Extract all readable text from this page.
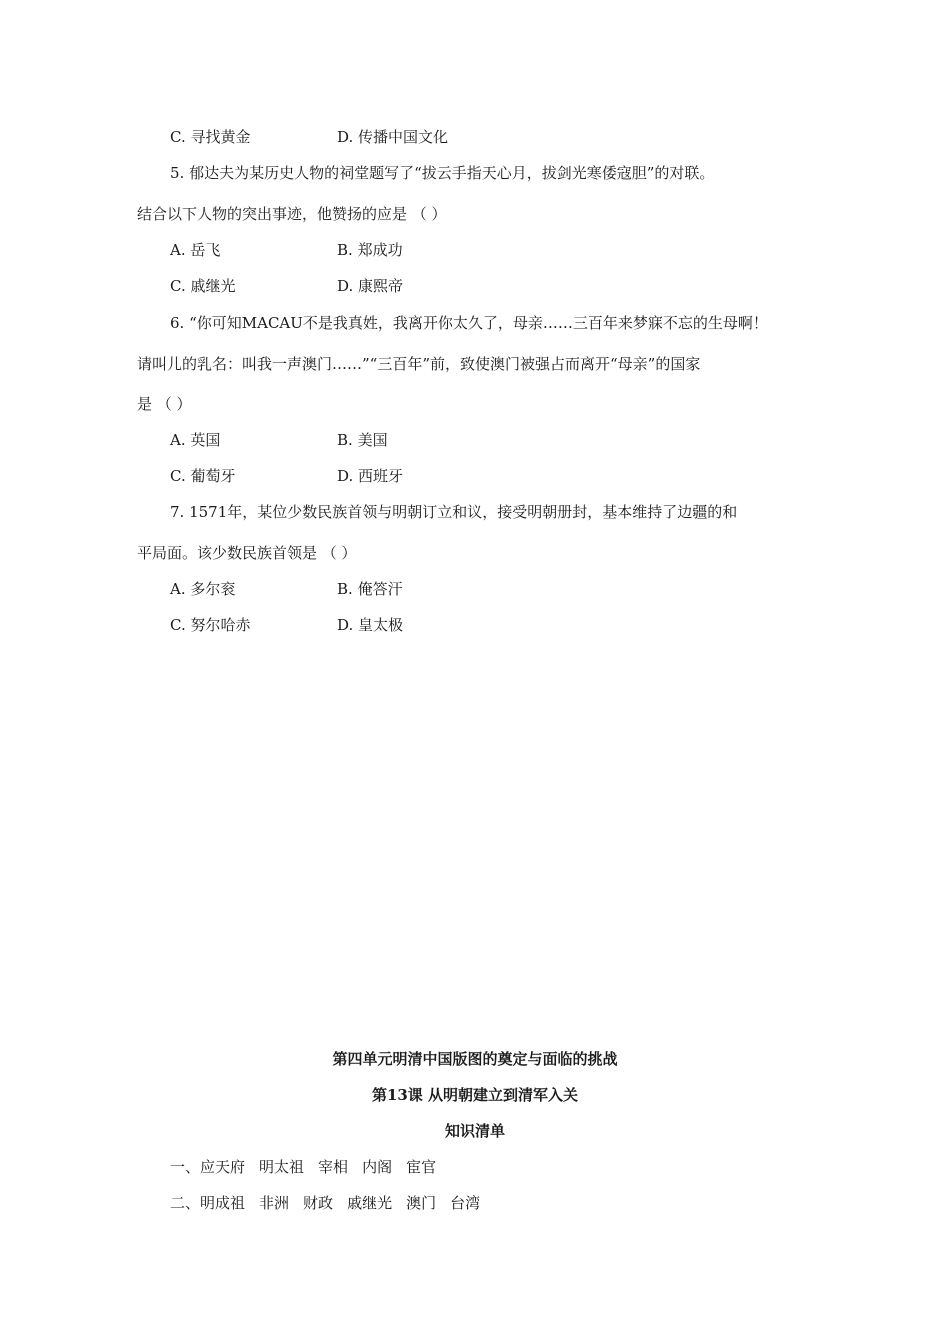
C. 寻找黄金	D. 传播中国文化
5. 郁达夫为某历史人物的祠堂题写了“拔云手指天心月，拔剑光寒倭寇胆”的对联。
结合以下人物的突出事迹，他赞扬的应是 （ ）
A. 岳飞	B. 郑成功
C. 戚继光	D. 康熙帝
6. “你可知MACAU不是我真姓，我离开你太久了，母亲……三百年来梦寐不忘的生母啊！
请叫儿的乳名：叫我一声澳门……”“三百年”前，致使澳门被强占而离开“母亲”的国家
是 （ ）
A. 英国	B. 美国
C. 葡萄牙	D. 西班牙
7. 1571年，某位少数民族首领与明朝订立和议，接受明朝册封，基本维持了边疆的和
平局面。该少数民族首领是 （ ）
A. 多尔衮	B. 俺答汗
C. 努尔哈赤	D. 皇太极
第四单元明清中国版图的奠定与面临的挑战
第13课 从明朝建立到清军入关
知识清单
一、应天府 明太祖 宰相 内阁 宦官
二、明成祖 非洲 财政 戚继光 澳门 台湾
